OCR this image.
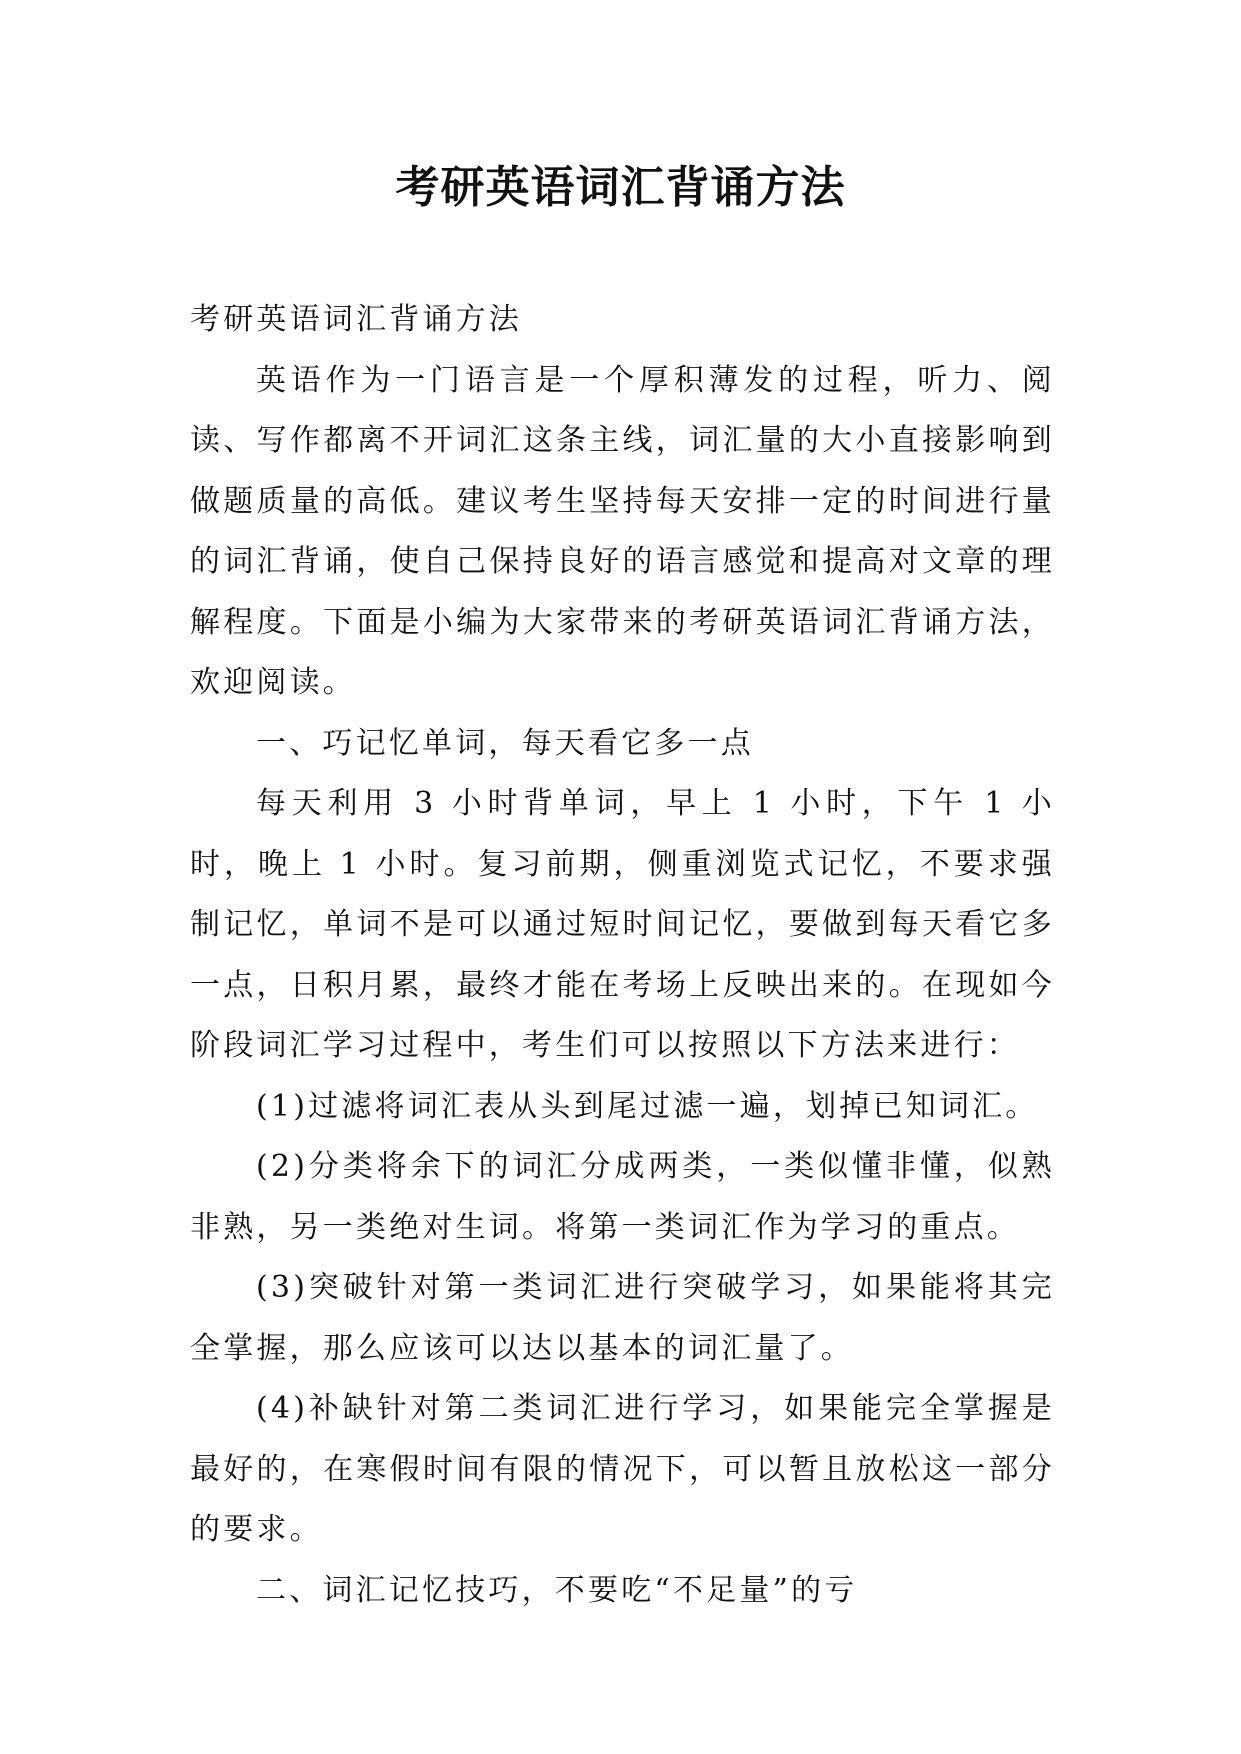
考研英语词汇背诵方法

考研英语词汇背诵方法

英语作为一门语言是一个厚积薄发的过程，听力、阅读、写作都离不开词汇这条主线，词汇量的大小直接影响到做题质量的高低。建议考生坚持每天安排一定的时间进行量的词汇背诵，使自己保持良好的语言感觉和提高对文章的理解程度。下面是小编为大家带来的考研英语词汇背诵方法，欢迎阅读。

一、巧记忆单词，每天看它多一点

每天利用 3 小时背单词，早上 1 小时，下午 1 小时，晚上 1 小时。复习前期，侧重浏览式记忆，不要求强制记忆，单词不是可以通过短时间记忆，要做到每天看它多一点，日积月累，最终才能在考场上反映出来的。在现如今阶段词汇学习过程中，考生们可以按照以下方法来进行：

(1)过滤将词汇表从头到尾过滤一遍，划掉已知词汇。

(2)分类将余下的词汇分成两类，一类似懂非懂，似熟非熟，另一类绝对生词。将第一类词汇作为学习的重点。

(3)突破针对第一类词汇进行突破学习，如果能将其完全掌握，那么应该可以达以基本的词汇量了。

(4)补缺针对第二类词汇进行学习，如果能完全掌握是最好的，在寒假时间有限的情况下，可以暂且放松这一部分的要求。

二、词汇记忆技巧，不要吃“不足量”的亏
